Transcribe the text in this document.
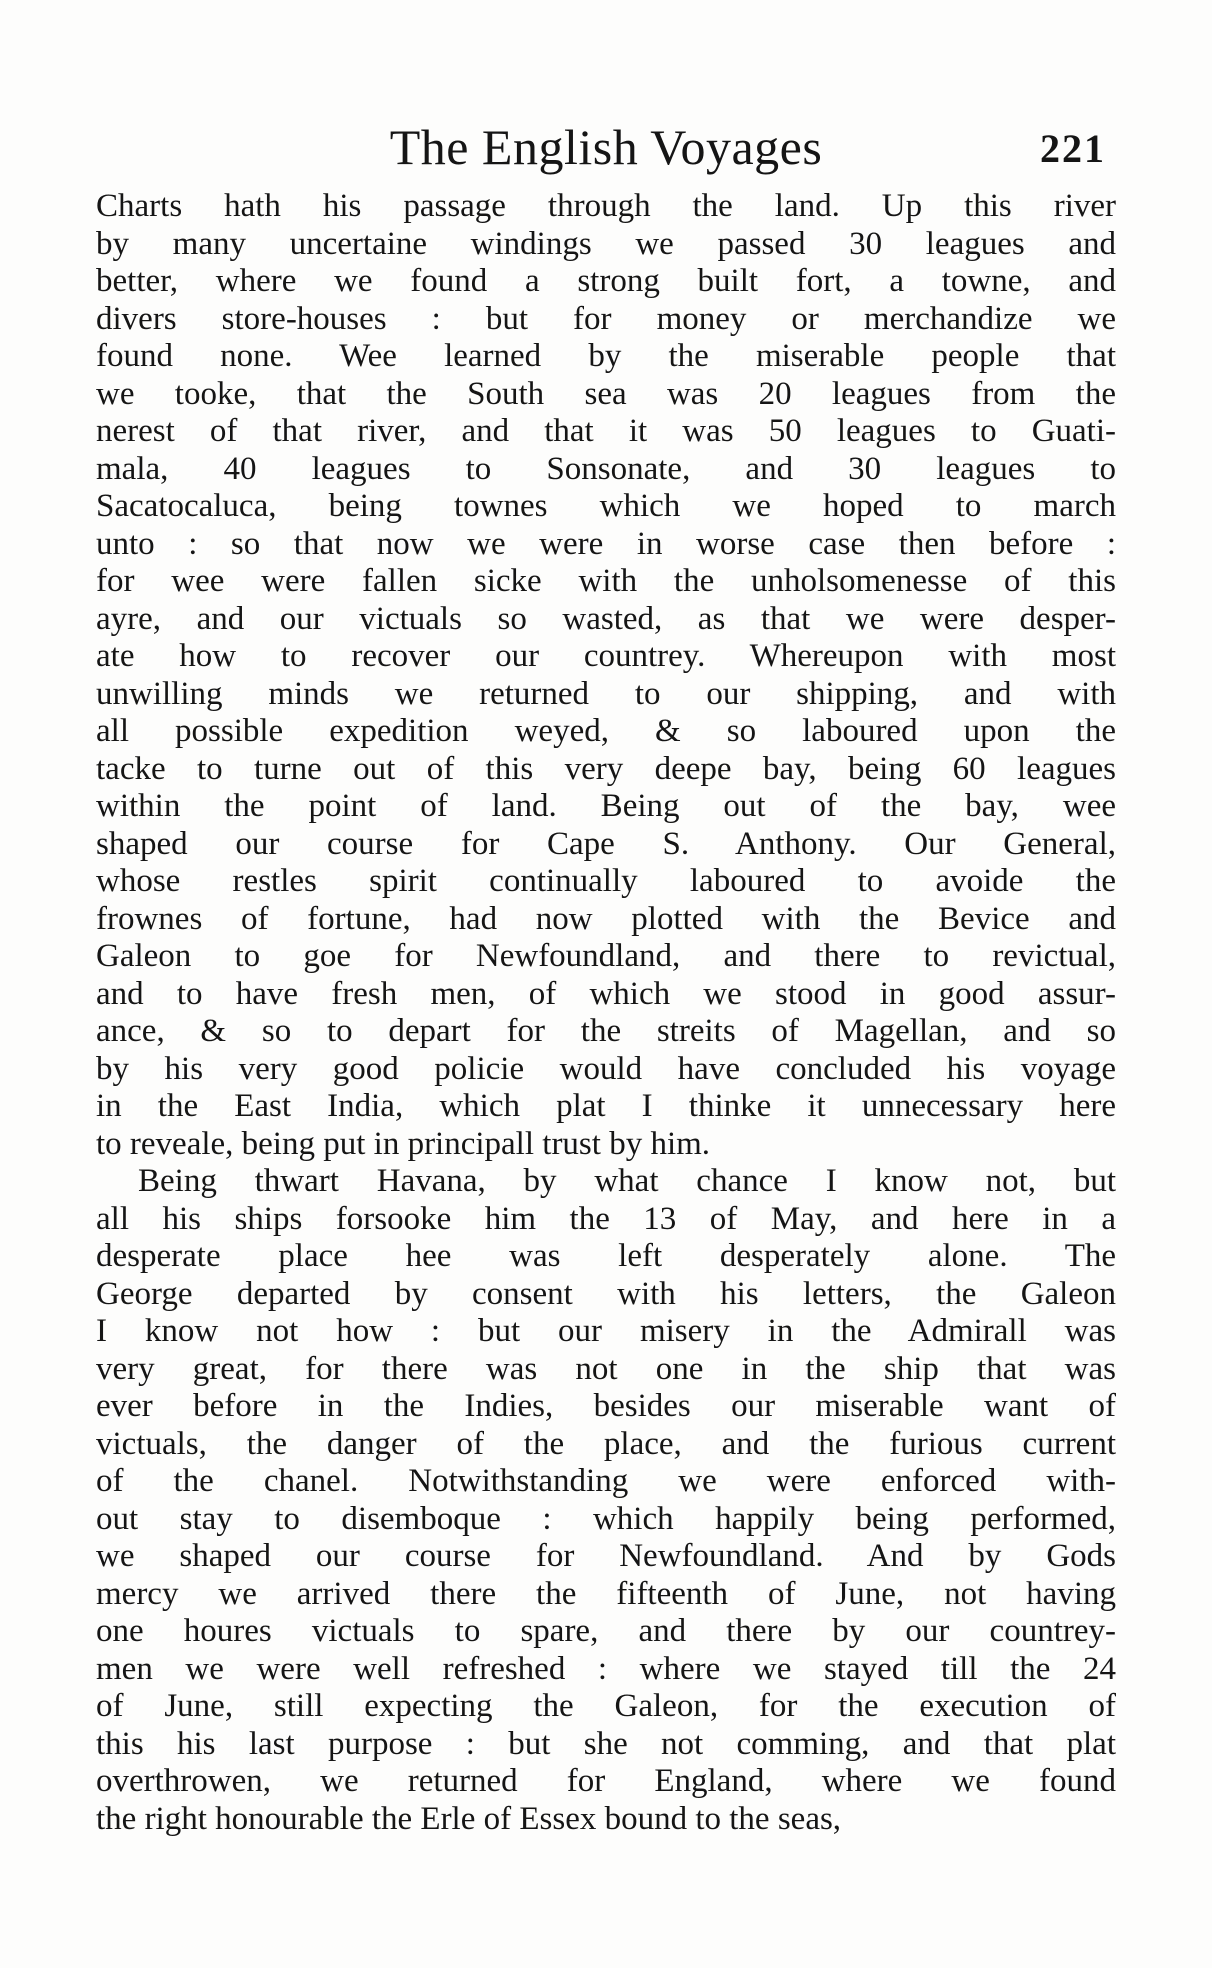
The English Voyages	221
Charts hath his passage through the land. Up this river
by many uncertaine windings we passed 30 leagues and
better, where we found a strong built fort, a towne, and
divers store-houses : but for money or merchandize we
found none. Wee learned by the miserable people that
we tooke, that the South sea was 20 leagues from the
nerest of that river, and that it was 50 leagues to Guati-
mala, 40 leagues to Sonsonate, and 30 leagues to
Sacatocaluca, being townes which we hoped to march
unto : so that now we were in worse case then before :
for wee were fallen sicke with the unholsomenesse of this
ayre, and our victuals so wasted, as that we were desper-
ate how to recover our countrey. Whereupon with most
unwilling minds we returned to our shipping, and with
all possible expedition weyed, & so laboured upon the
tacke to turne out of this very deepe bay, being 60 leagues
within the point of land. Being out of the bay, wee
shaped our course for Cape S. Anthony. Our General,
whose restles spirit continually laboured to avoide the
frownes of fortune, had now plotted with the Bevice and
Galeon to goe for Newfoundland, and there to revictual,
and to have fresh men, of which we stood in good assur-
ance, & so to depart for the streits of Magellan, and so
by his very good policie would have concluded his voyage
in the East India, which plat I thinke it unnecessary here
to reveale, being put in principall trust by him.
Being thwart Havana, by what chance I know not, but
all his ships forsooke him the 13 of May, and here in a
desperate place hee was left desperately alone. The
George departed by consent with his letters, the Galeon
I know not how : but our misery in the Admirall was
very great, for there was not one in the ship that was
ever before in the Indies, besides our miserable want of
victuals, the danger of the place, and the furious current
of the chanel. Notwithstanding we were enforced with-
out stay to disemboque : which happily being performed,
we shaped our course for Newfoundland. And by Gods
mercy we arrived there the fifteenth of June, not having
one houres victuals to spare, and there by our countrey-
men we were well refreshed : where we stayed till the 24
of June, still expecting the Galeon, for the execution of
this his last purpose : but she not comming, and that plat
overthrowen, we returned for England, where we found
the right honourable the Erle of Essex bound to the seas,
